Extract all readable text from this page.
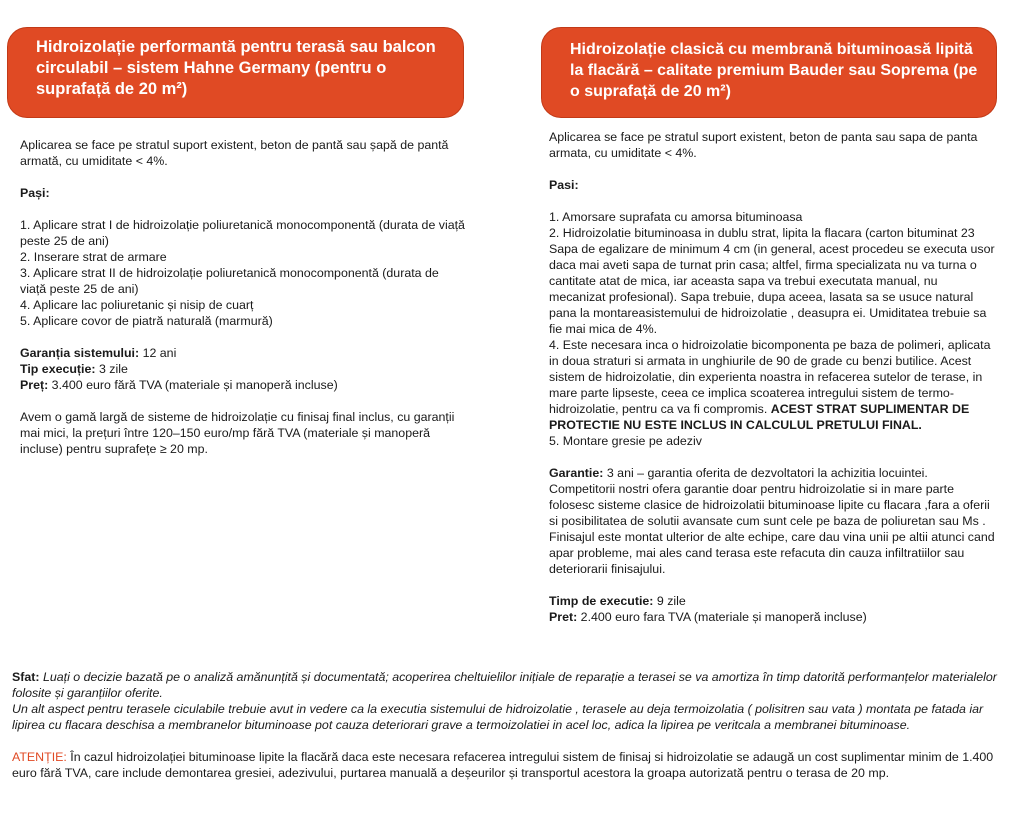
Hidroizolație performantă pentru terasă sau balcon circulabil – sistem Hahne Germany (pentru o suprafață de 20 m²)
Hidroizolație clasică cu membrană bituminoasă lipită la flacără – calitate premium Bauder sau Soprema (pe o suprafață de 20 m²)

Aplicarea se face pe stratul suport existent, beton de pantă sau șapă de pantă armată, cu umiditate < 4%.

Pași:

1. Aplicare strat I de hidroizolație poliuretanică monocomponentă (durata de viață peste 25 de ani)

2. Inserare strat de armare

3. Aplicare strat II de hidroizolație poliuretanică monocomponentă (durata de viață peste 25 de ani)

4. Aplicare lac poliuretanic și nisip de cuarț

5. Aplicare covor de piatră naturală (marmură)

Garanția sistemului: 12 ani

Tip execuție: 3 zile

Preț: 3.400 euro fără TVA (materiale și manoperă incluse)

Avem o gamă largă de sisteme de hidroizolație cu finisaj final inclus, cu garanții mai mici, la prețuri între 120–150 euro/mp fără TVA (materiale și manoperă incluse) pentru suprafețe ≥ 20 mp.

Aplicarea se face pe stratul suport existent, beton de panta sau sapa de panta armata, cu umiditate < 4%.

Pasi:

1. Amorsare suprafata cu amorsa bituminoasa

2. Hidroizolatie bituminoasa in dublu strat, lipita la flacara (carton bituminat 23 Sapa de egalizare de minimum 4 cm (in general, acest procedeu se executa usor daca mai aveti sapa de turnat prin casa; altfel, firma specializata nu va turna o cantitate atat de mica, iar aceasta sapa va trebui executata manual, nu mecanizat profesional). Sapa trebuie, dupa aceea, lasata sa se usuce natural pana la montareasistemului de hidroizolatie , deasupra ei. Umiditatea trebuie sa fie mai mica de 4%.

4. Este necesara inca o hidroizolatie bicomponenta pe baza de polimeri, aplicata in doua straturi si armata in unghiurile de 90 de grade cu benzi butilice. Acest sistem de hidroizolatie, din experienta noastra in refacerea sutelor de terase, in mare parte lipseste, ceea ce implica scoaterea intregului sistem de termo-hidroizolatie, pentru ca va fi compromis. ACEST STRAT SUPLIMENTAR DE PROTECTIE NU ESTE INCLUS IN CALCULUL PRETULUI FINAL.

5. Montare gresie pe adeziv

Garantie: 3 ani – garantia oferita de dezvoltatori la achizitia locuintei. Competitorii nostri ofera garantie doar pentru hidroizolatie si in mare parte folosesc sisteme clasice de hidroizolatii bituminoase lipite cu flacara ,fara a oferii si posibilitatea de solutii avansate cum sunt cele pe baza de poliuretan sau Ms . Finisajul este montat ulterior de alte echipe, care dau vina unii pe altii atunci cand apar probleme, mai ales cand terasa este refacuta din cauza infiltratiilor sau deteriorarii finisajului.

Timp de executie: 9 zile

Pret: 2.400 euro fara TVA (materiale și manoperă incluse)

Sfat: Luați o decizie bazată pe o analiză amănunțită și documentată; acoperirea cheltuielilor inițiale de reparație a terasei se va amortiza în timp datorită performanțelor materialelor folosite și garanțiilor oferite.

Un alt aspect pentru terasele ciculabile trebuie avut in vedere ca la executia sistemului de hidroizolatie , terasele au deja termoizolatia ( polisitren sau vata ) montata pe fatada iar lipirea cu flacara deschisa a membranelor bituminoase pot cauza deteriorari grave a termoizolatiei in acel loc, adica la lipirea pe veritcala a membranei bituminoase.

ATENȚIE: În cazul hidroizolației bituminoase lipite la flacără daca este necesara refacerea intregului sistem de finisaj si hidroizolatie se adaugă un cost suplimentar minim de 1.400 euro fără TVA, care include demontarea gresiei, adezivului, purtarea manuală a deșeurilor și transportul acestora la groapa autorizată pentru o terasa de 20 mp.
